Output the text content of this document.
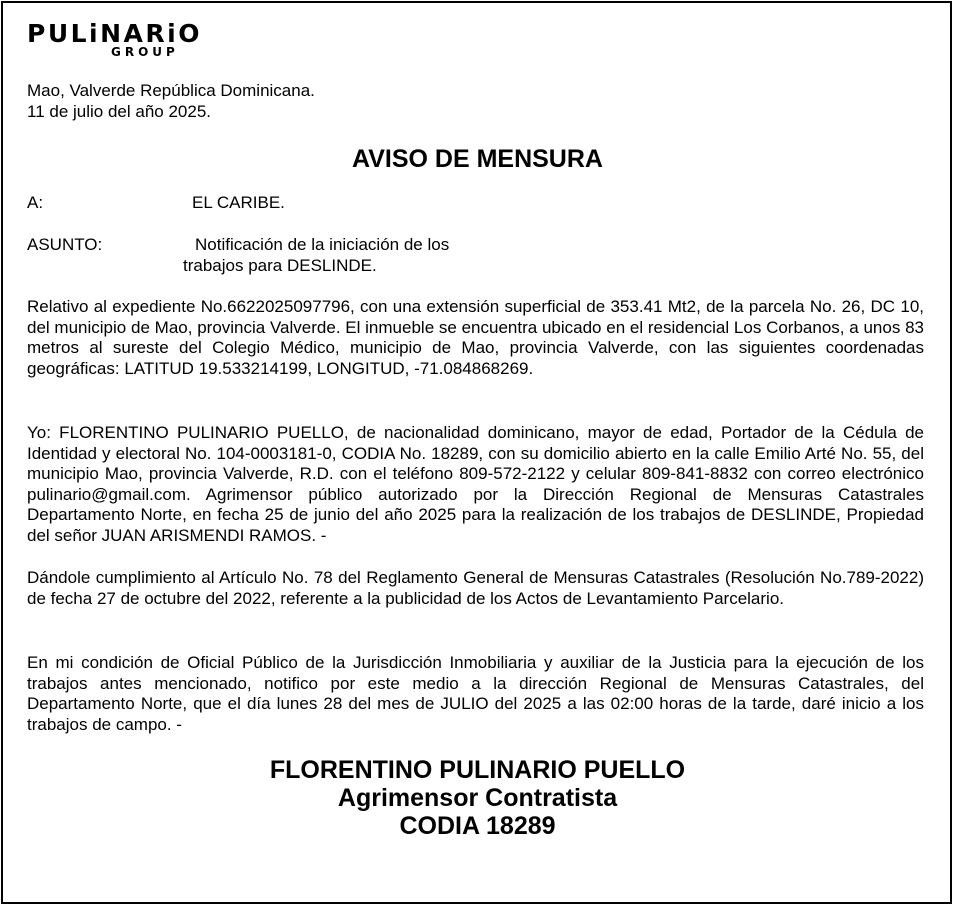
PULiNARiO
GROUP
Mao, Valverde República Dominicana.
11 de julio del año 2025.
AVISO DE MENSURA
A:	EL CARIBE.
ASUNTO:	Notificación de la iniciación de los
trabajos para DESLINDE.
Relativo al expediente No.6622025097796, con una extensión superficial de 353.41 Mt2, de la parcela No. 26, DC 10, del municipio de Mao, provincia Valverde. El inmueble se encuentra ubicado en el residencial Los Corbanos, a unos 83 metros al sureste del Colegio Médico, municipio de Mao, provincia Valverde, con las siguientes coordenadas geográficas: LATITUD 19.533214199, LONGITUD, -71.084868269.
Yo: FLORENTINO PULINARIO PUELLO, de nacionalidad dominicano, mayor de edad, Portador de la Cédula de Identidad y electoral No. 104-0003181-0, CODIA No. 18289, con su domicilio abierto en la calle Emilio Arté No. 55, del municipio Mao, provincia Valverde, R.D. con el teléfono 809-572-2122 y celular 809-841-8832 con correo electrónico pulinario@gmail.com. Agrimensor público autorizado por la Dirección Regional de Mensuras Catastrales Departamento Norte, en fecha 25 de junio del año 2025 para la realización de los trabajos de DESLINDE, Propiedad del señor JUAN ARISMENDI RAMOS. -
Dándole cumplimiento al Artículo No. 78 del Reglamento General de Mensuras Catastrales (Resolución No.789-2022) de fecha 27 de octubre del 2022, referente a la publicidad de los Actos de Levantamiento Parcelario.
En mi condición de Oficial Público de la Jurisdicción Inmobiliaria y auxiliar de la Justicia para la ejecución de los trabajos antes mencionado, notifico por este medio a la dirección Regional de Mensuras Catastrales, del Departamento Norte, que el día lunes 28 del mes de JULIO del 2025 a las 02:00 horas de la tarde, daré inicio a los trabajos de campo. -
FLORENTINO PULINARIO PUELLO
Agrimensor Contratista
CODIA 18289
